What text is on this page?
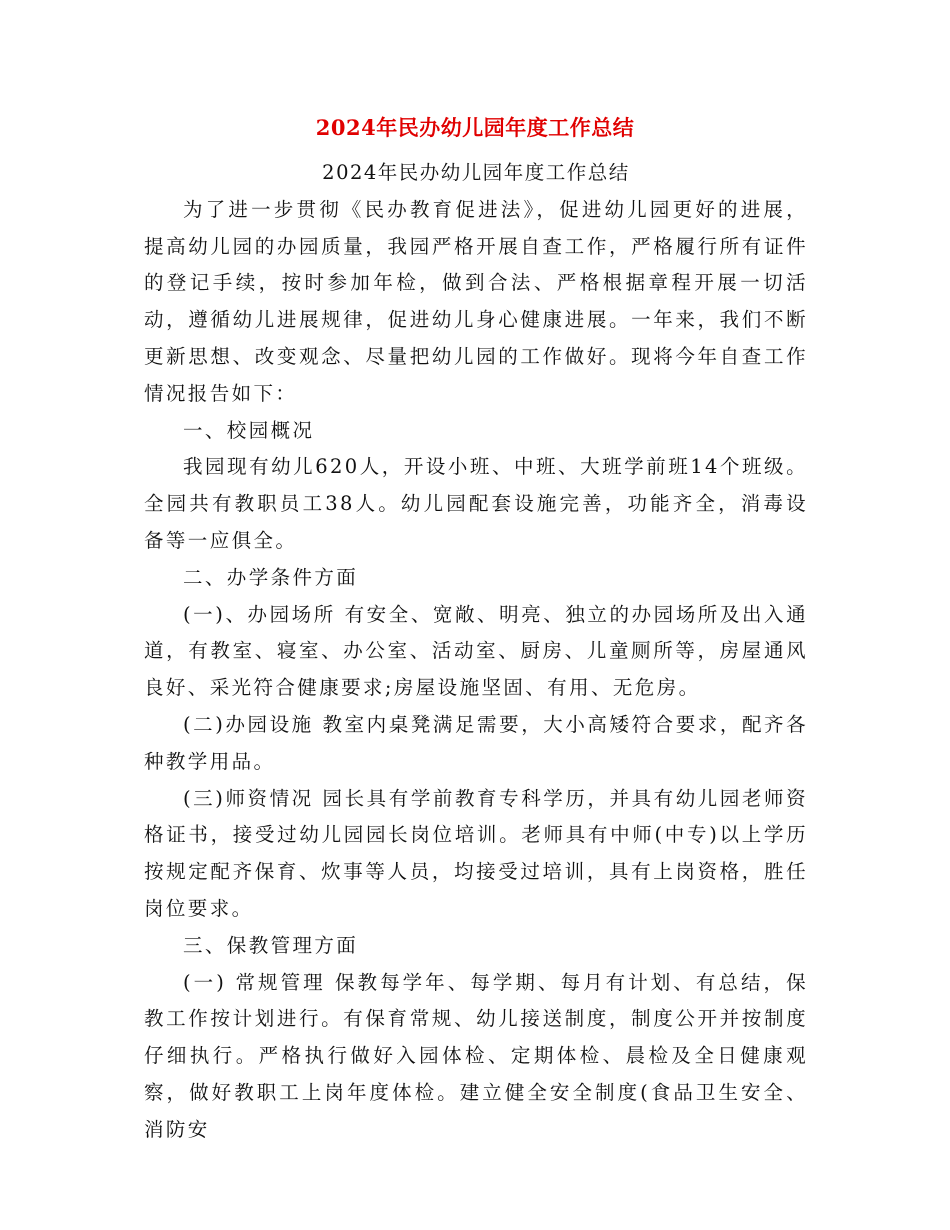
2024年民办幼儿园年度工作总结

2024年民办幼儿园年度工作总结

为了进一步贯彻《民办教育促进法》，促进幼儿园更好的进展，提高幼儿园的办园质量，我园严格开展自查工作，严格履行所有证件的登记手续，按时参加年检，做到合法、严格根据章程开展一切活动，遵循幼儿进展规律，促进幼儿身心健康进展。一年来，我们不断更新思想、改变观念、尽量把幼儿园的工作做好。现将今年自查工作情况报告如下：

一、校园概况

我园现有幼儿620人，开设小班、中班、大班学前班14个班级。全园共有教职员工38人。幼儿园配套设施完善，功能齐全，消毒设备等一应俱全。

二、办学条件方面

(一)、办园场所 有安全、宽敞、明亮、独立的办园场所及出入通道，有教室、寝室、办公室、活动室、厨房、儿童厕所等，房屋通风良好、采光符合健康要求;房屋设施坚固、有用、无危房。

(二)办园设施 教室内桌凳满足需要，大小高矮符合要求，配齐各种教学用品。

(三)师资情况 园长具有学前教育专科学历，并具有幼儿园老师资格证书，接受过幼儿园园长岗位培训。老师具有中师(中专)以上学历按规定配齐保育、炊事等人员，均接受过培训，具有上岗资格，胜任岗位要求。

三、保教管理方面

(一) 常规管理 保教每学年、每学期、每月有计划、有总结，保教工作按计划进行。有保育常规、幼儿接送制度，制度公开并按制度仔细执行。严格执行做好入园体检、定期体检、晨检及全日健康观察，做好教职工上岗年度体检。建立健全安全制度(食品卫生安全、消防安
